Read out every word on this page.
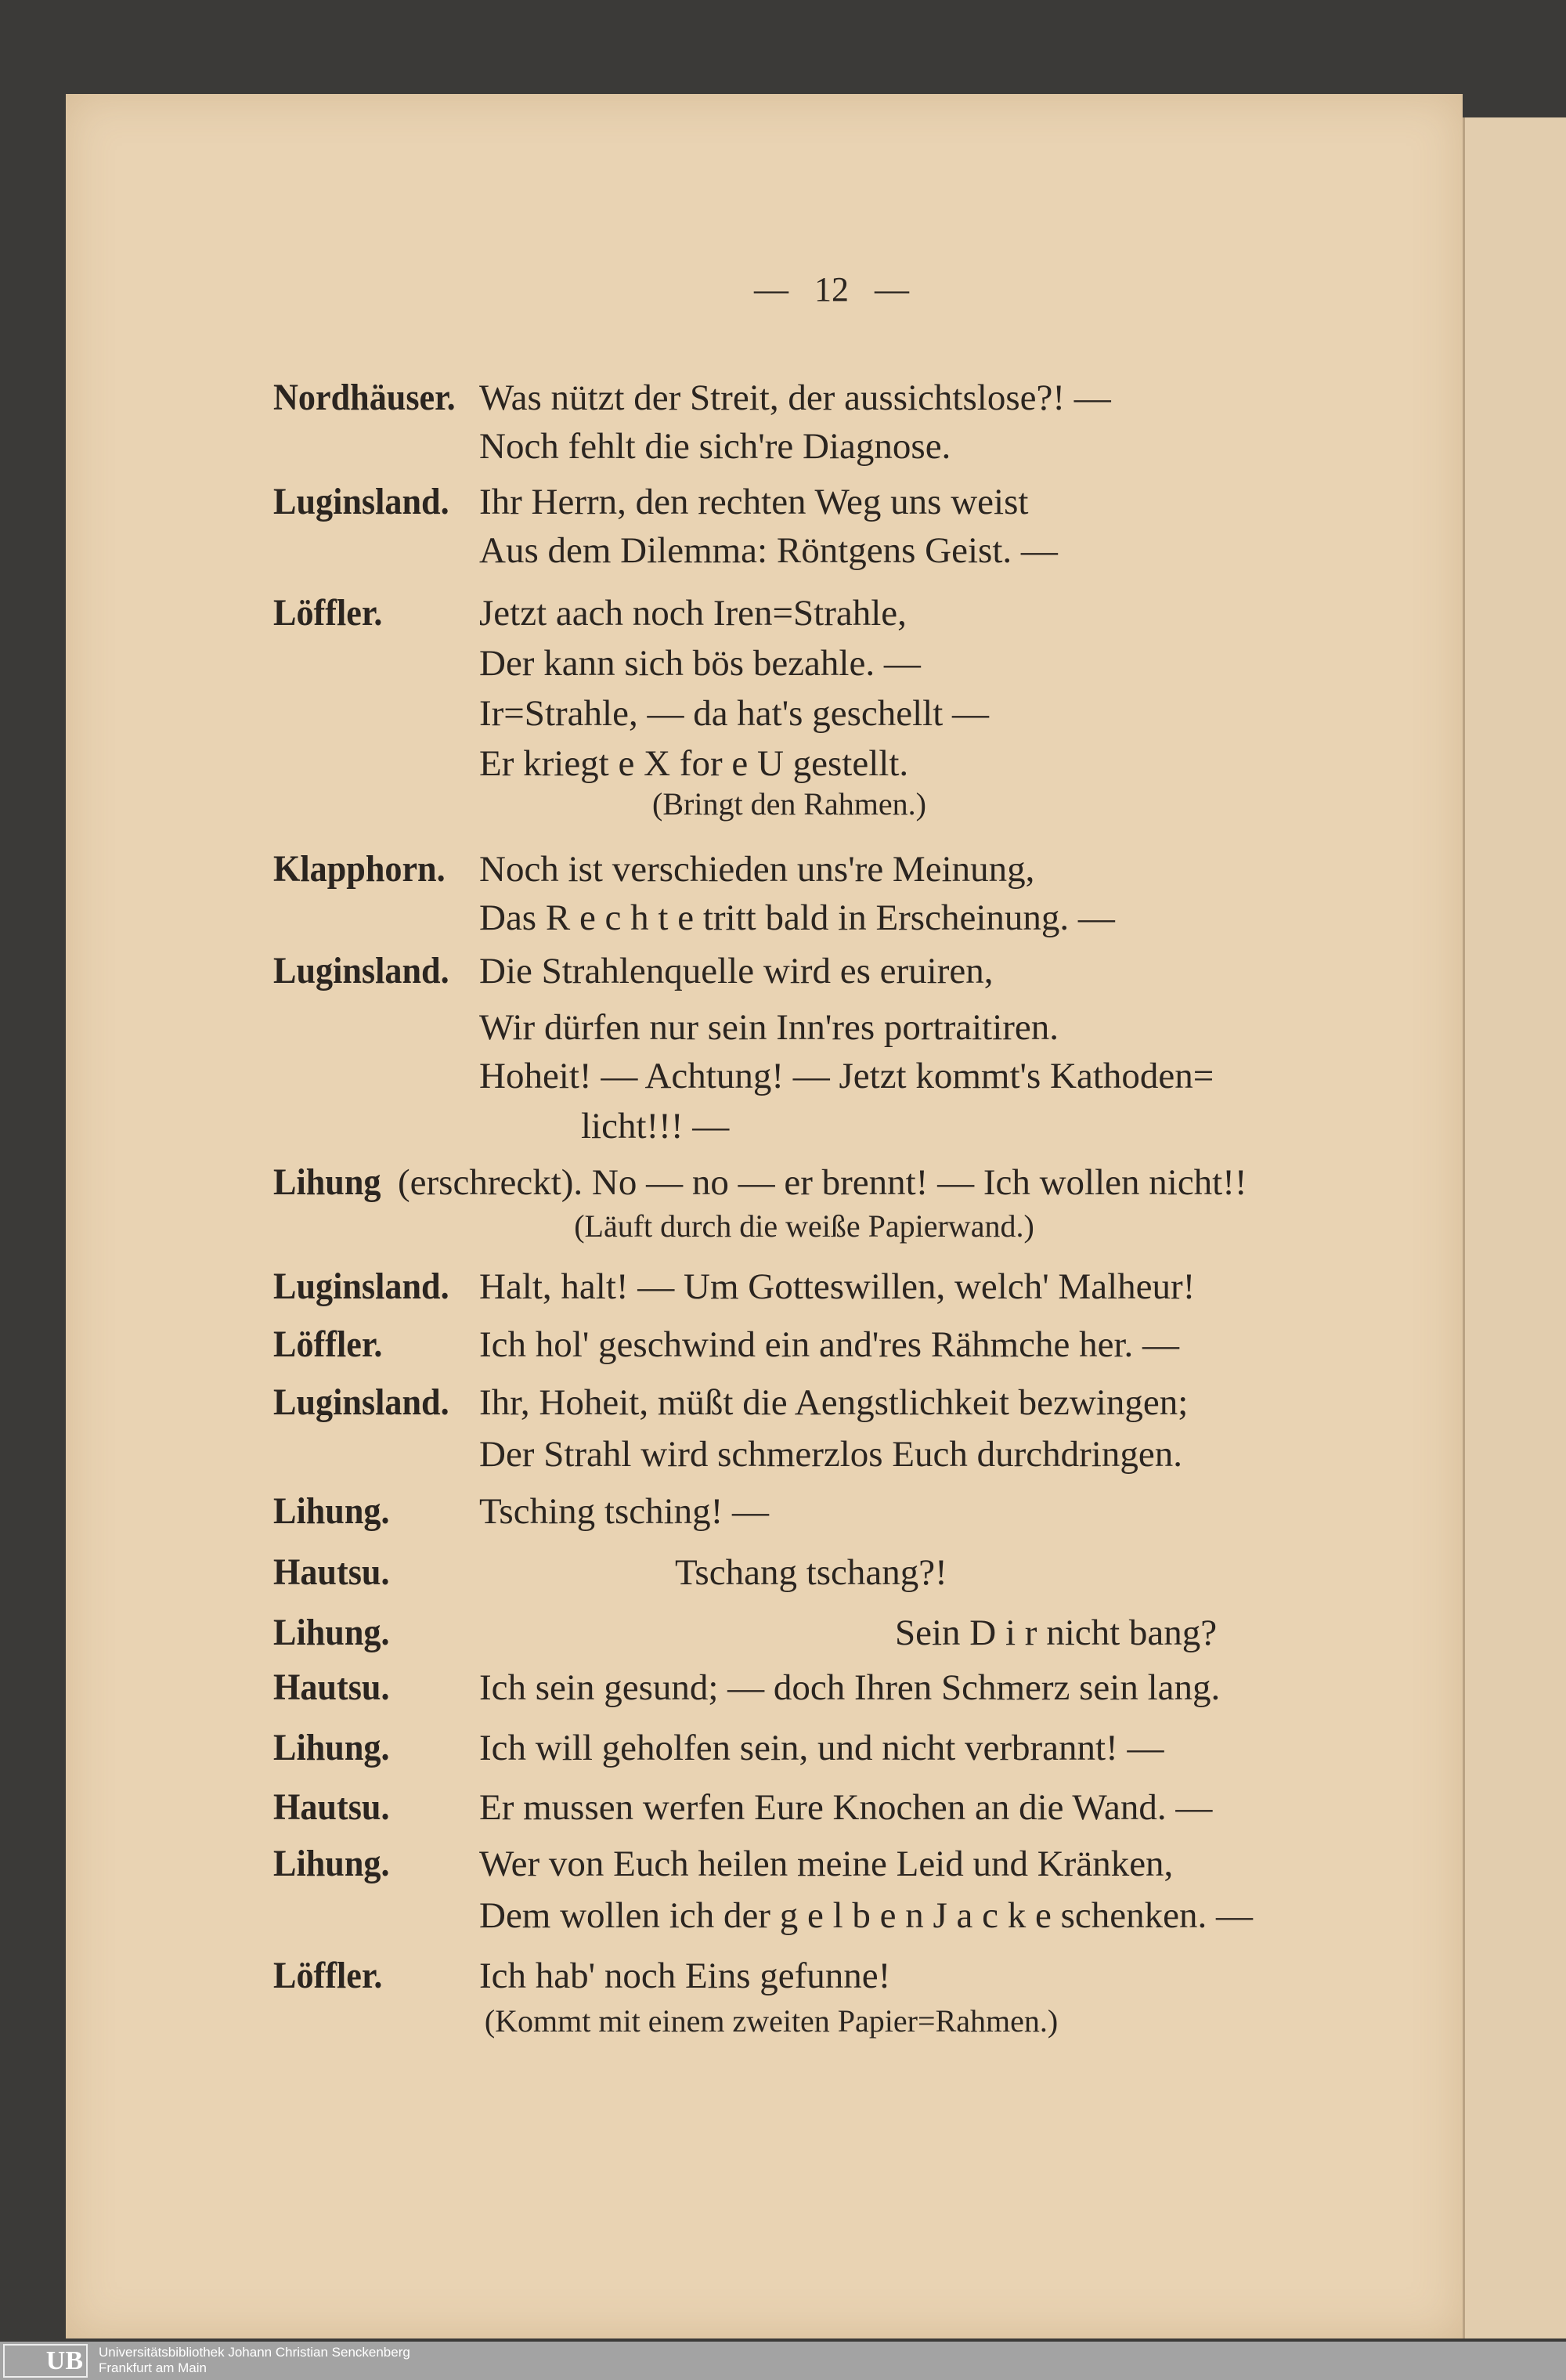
— 12 —
Nordhäuser. Was nützt der Streit, der aussichtslose?! —
Noch fehlt die sich're Diagnose.
Luginsland. Ihr Herrn, den rechten Weg uns weist
Aus dem Dilemma: Röntgens Geist. —
Löffler.	Jetzt aach noch Iren=Strahle,
Der kann sich bös bezahle. —
Ir=Strahle, — da hat's geschellt —
Er kriegt e X for e U gestellt.
(Bringt den Rahmen.)
Klapphorn. Noch ist verschieden uns're Meinung,
Das R e c h t e tritt bald in Erscheinung. —
Luginsland. Die Strahlenquelle wird es eruiren,
Wir dürfen nur sein Inn'res portraitiren.
Hoheit! — Achtung! — Jetzt kommt's Kathoden=
licht!!! —
Lihung (erschreckt). No — no — er brennt! — Ich wollen nicht!!
(Läuft durch die weiße Papierwand.)
Luginsland. Halt, halt! — Um Gotteswillen, welch' Malheur!
Löffler.	Ich hol' geschwind ein and'res Rähmche her. —
Luginsland. Ihr, Hoheit, müßt die Aengstlichkeit bezwingen;
Der Strahl wird schmerzlos Euch durchdringen.
Lihung. Tsching tsching! —
Hautsu.	Tschang tschang?!
Lihung.	Sein D i r nicht bang?
Hautsu. Ich sein gesund; — doch Ihren Schmerz sein lang.
Lihung. Ich will geholfen sein, und nicht verbrannt! —
Hautsu. Er mussen werfen Eure Knochen an die Wand. —
Lihung. Wer von Euch heilen meine Leid und Kränken,
Dem wollen ich der g e l b e n J a c k e schenken. —
Löffler.	Ich hab' noch Eins gefunne!
(Kommt mit einem zweiten Papier=Rahmen.)
UB	Universitätsbibliothek Johann Christian Senckenberg
Frankfurt am Main
